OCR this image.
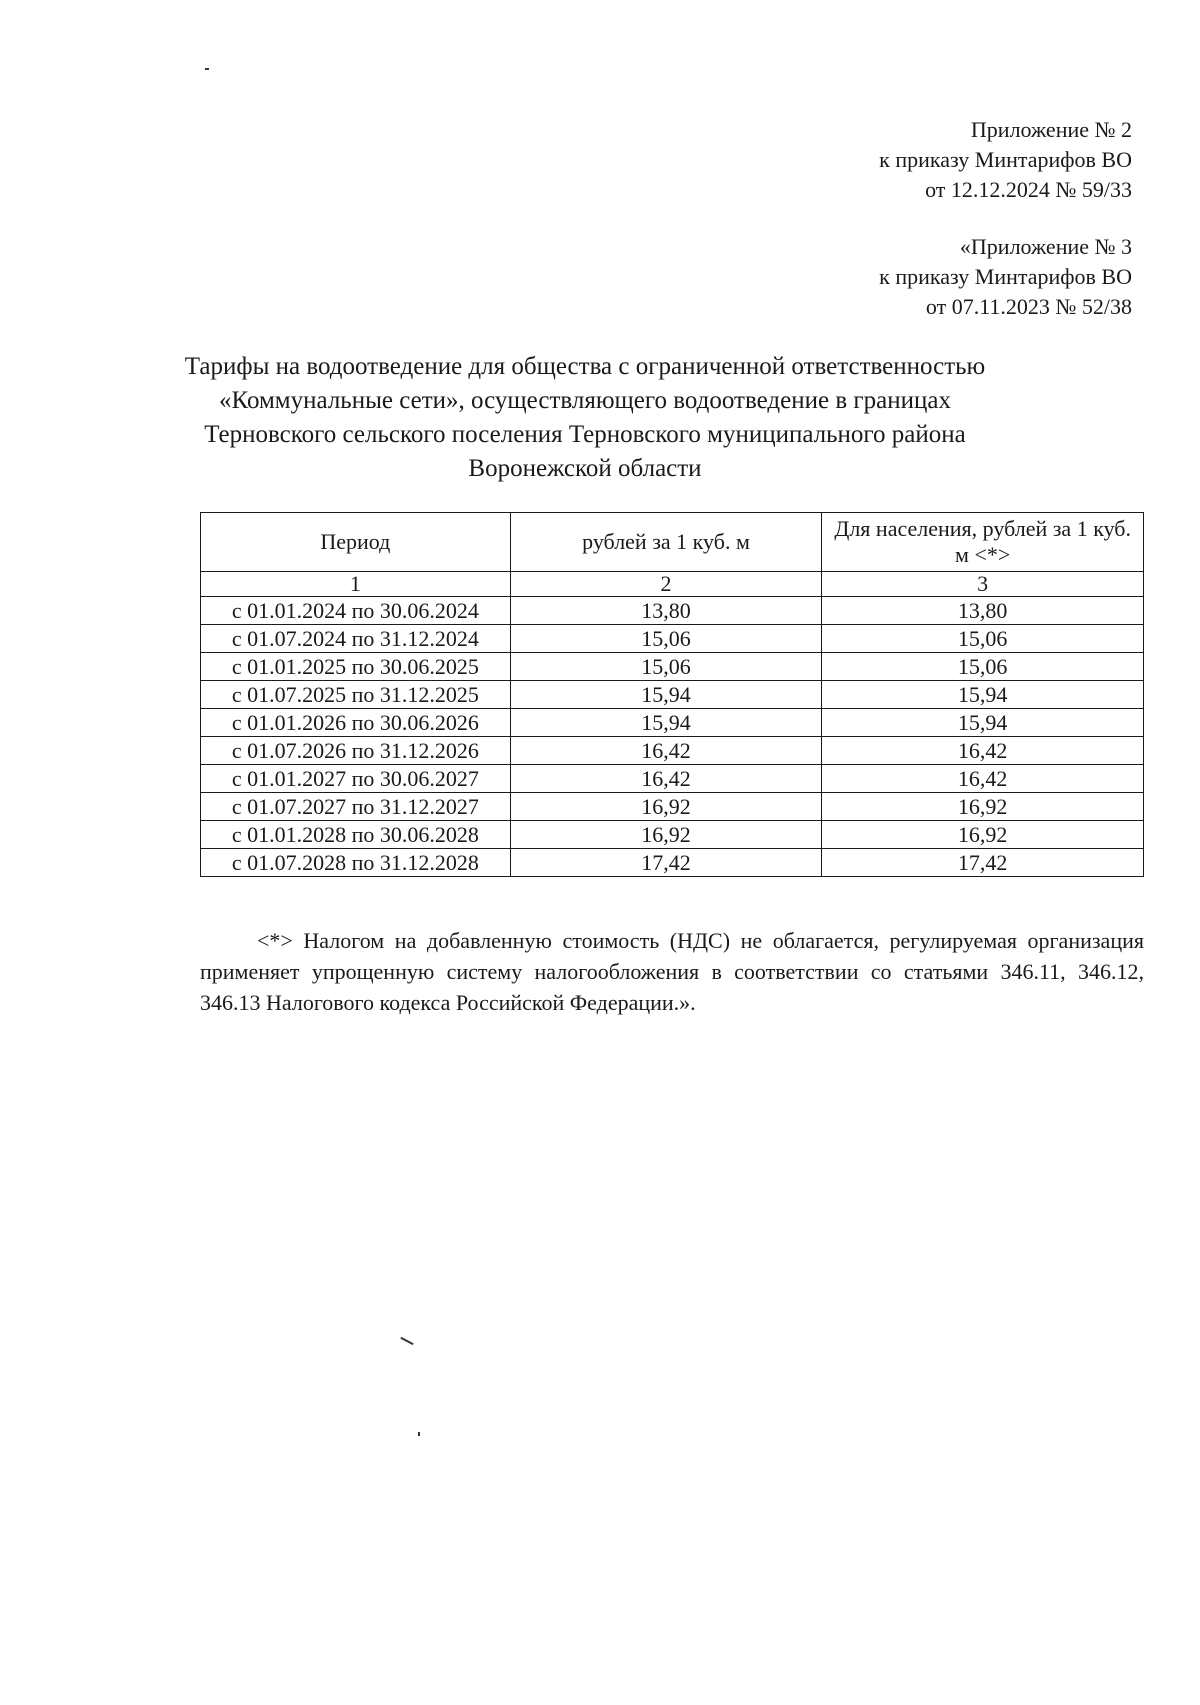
Приложение № 2
к приказу Минтарифов ВО
от 12.12.2024 № 59/33
«Приложение № 3
к приказу Минтарифов ВО
от 07.11.2023 № 52/38
Тарифы на водоотведение для общества с ограниченной ответственностью
«Коммунальные сети», осуществляющего водоотведение в границах
Терновского сельского поселения Терновского муниципального района
Воронежской области
Период	рублей за 1 куб. м	Для населения, рублей за 1 куб. м <*>
1	2	3
с 01.01.2024 по 30.06.2024	13,80	13,80
с 01.07.2024 по 31.12.2024	15,06	15,06
с 01.01.2025 по 30.06.2025	15,06	15,06
с 01.07.2025 по 31.12.2025	15,94	15,94
с 01.01.2026 по 30.06.2026	15,94	15,94
с 01.07.2026 по 31.12.2026	16,42	16,42
с 01.01.2027 по 30.06.2027	16,42	16,42
с 01.07.2027 по 31.12.2027	16,92	16,92
с 01.01.2028 по 30.06.2028	16,92	16,92
с 01.07.2028 по 31.12.2028	17,42	17,42
<*> Налогом на добавленную стоимость (НДС) не облагается, регулируемая организация применяет упрощенную систему налогообложения в соответствии со статьями 346.11, 346.12, 346.13 Налогового кодекса Российской Федерации.».
